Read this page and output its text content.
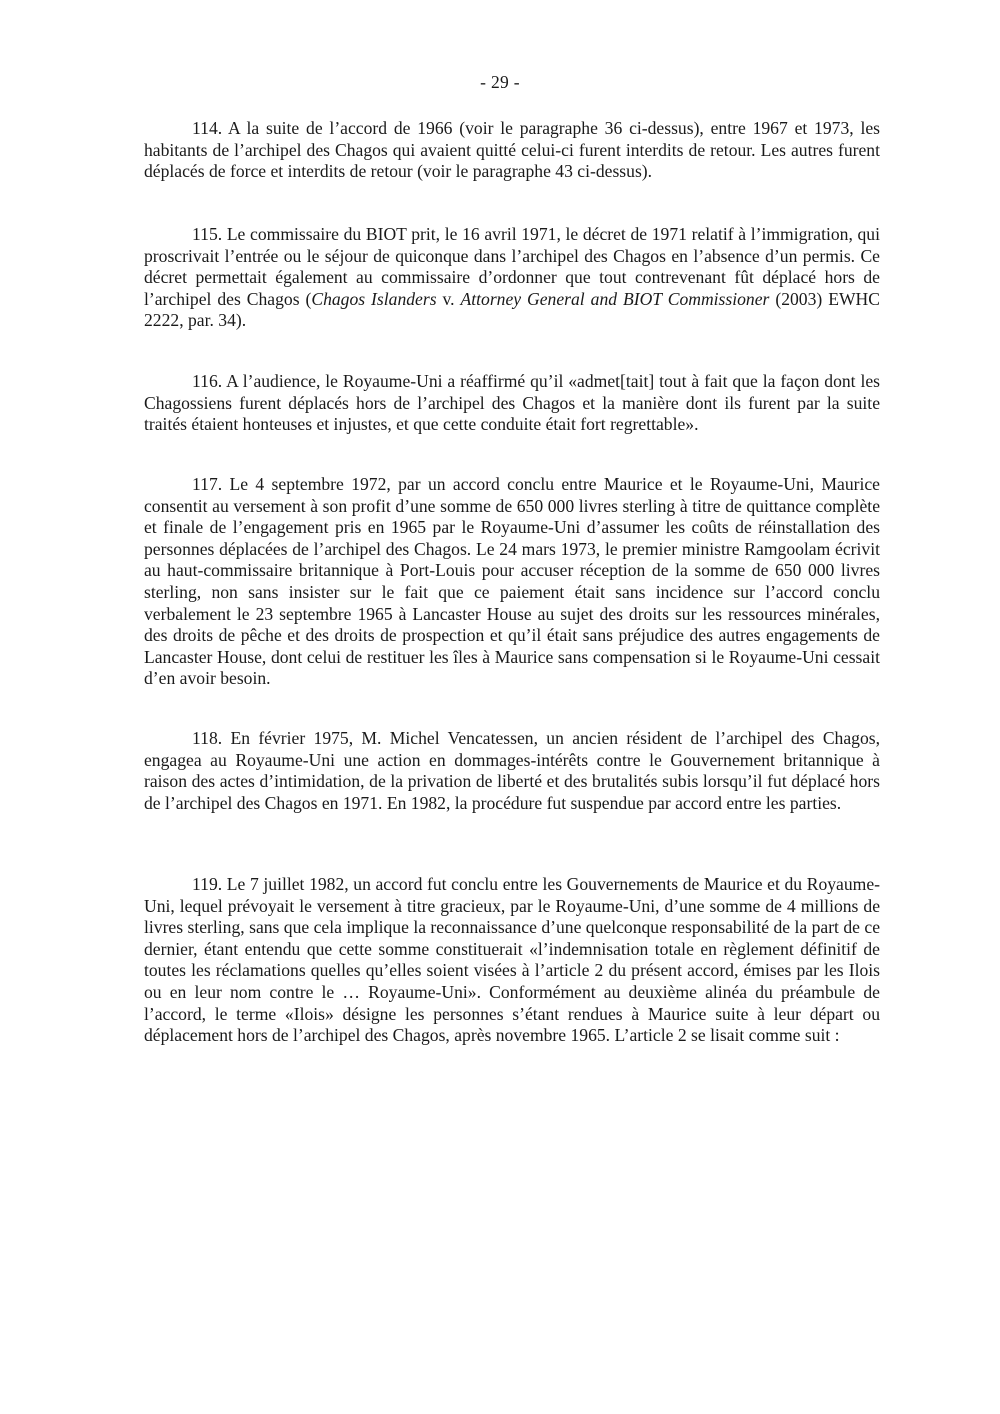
- 29 -

114. A la suite de l’accord de 1966 (voir le paragraphe 36 ci-dessus), entre 1967 et 1973, les habitants de l’archipel des Chagos qui avaient quitté celui-ci furent interdits de retour. Les autres furent déplacés de force et interdits de retour (voir le paragraphe 43 ci-dessus).

115. Le commissaire du BIOT prit, le 16 avril 1971, le décret de 1971 relatif à l’immigration, qui proscrivait l’entrée ou le séjour de quiconque dans l’archipel des Chagos en l’absence d’un permis. Ce décret permettait également au commissaire d’ordonner que tout contrevenant fût déplacé hors de l’archipel des Chagos (Chagos Islanders v. Attorney General and BIOT Commissioner (2003) EWHC 2222, par. 34).

116. A l’audience, le Royaume-Uni a réaffirmé qu’il «admet[tait] tout à fait que la façon dont les Chagossiens furent déplacés hors de l’archipel des Chagos et la manière dont ils furent par la suite traités étaient honteuses et injustes, et que cette conduite était fort regrettable».

117. Le 4 septembre 1972, par un accord conclu entre Maurice et le Royaume-Uni, Maurice consentit au versement à son profit d’une somme de 650 000 livres sterling à titre de quittance complète et finale de l’engagement pris en 1965 par le Royaume-Uni d’assumer les coûts de réinstallation des personnes déplacées de l’archipel des Chagos. Le 24 mars 1973, le premier ministre Ramgoolam écrivit au haut-commissaire britannique à Port-Louis pour accuser réception de la somme de 650 000 livres sterling, non sans insister sur le fait que ce paiement était sans incidence sur l’accord conclu verbalement le 23 septembre 1965 à Lancaster House au sujet des droits sur les ressources minérales, des droits de pêche et des droits de prospection et qu’il était sans préjudice des autres engagements de Lancaster House, dont celui de restituer les îles à Maurice sans compensation si le Royaume-Uni cessait d’en avoir besoin.

118. En février 1975, M. Michel Vencatessen, un ancien résident de l’archipel des Chagos, engagea au Royaume-Uni une action en dommages-intérêts contre le Gouvernement britannique à raison des actes d’intimidation, de la privation de liberté et des brutalités subis lorsqu’il fut déplacé hors de l’archipel des Chagos en 1971. En 1982, la procédure fut suspendue par accord entre les parties.

119. Le 7 juillet 1982, un accord fut conclu entre les Gouvernements de Maurice et du Royaume-Uni, lequel prévoyait le versement à titre gracieux, par le Royaume-Uni, d’une somme de 4 millions de livres sterling, sans que cela implique la reconnaissance d’une quelconque responsabilité de la part de ce dernier, étant entendu que cette somme constituerait «l’indemnisation totale en règlement définitif de toutes les réclamations quelles qu’elles soient visées à l’article 2 du présent accord, émises par les Ilois ou en leur nom contre le … Royaume-Uni». Conformément au deuxième alinéa du préambule de l’accord, le terme «Ilois» désigne les personnes s’étant rendues à Maurice suite à leur départ ou déplacement hors de l’archipel des Chagos, après novembre 1965. L’article 2 se lisait comme suit :
